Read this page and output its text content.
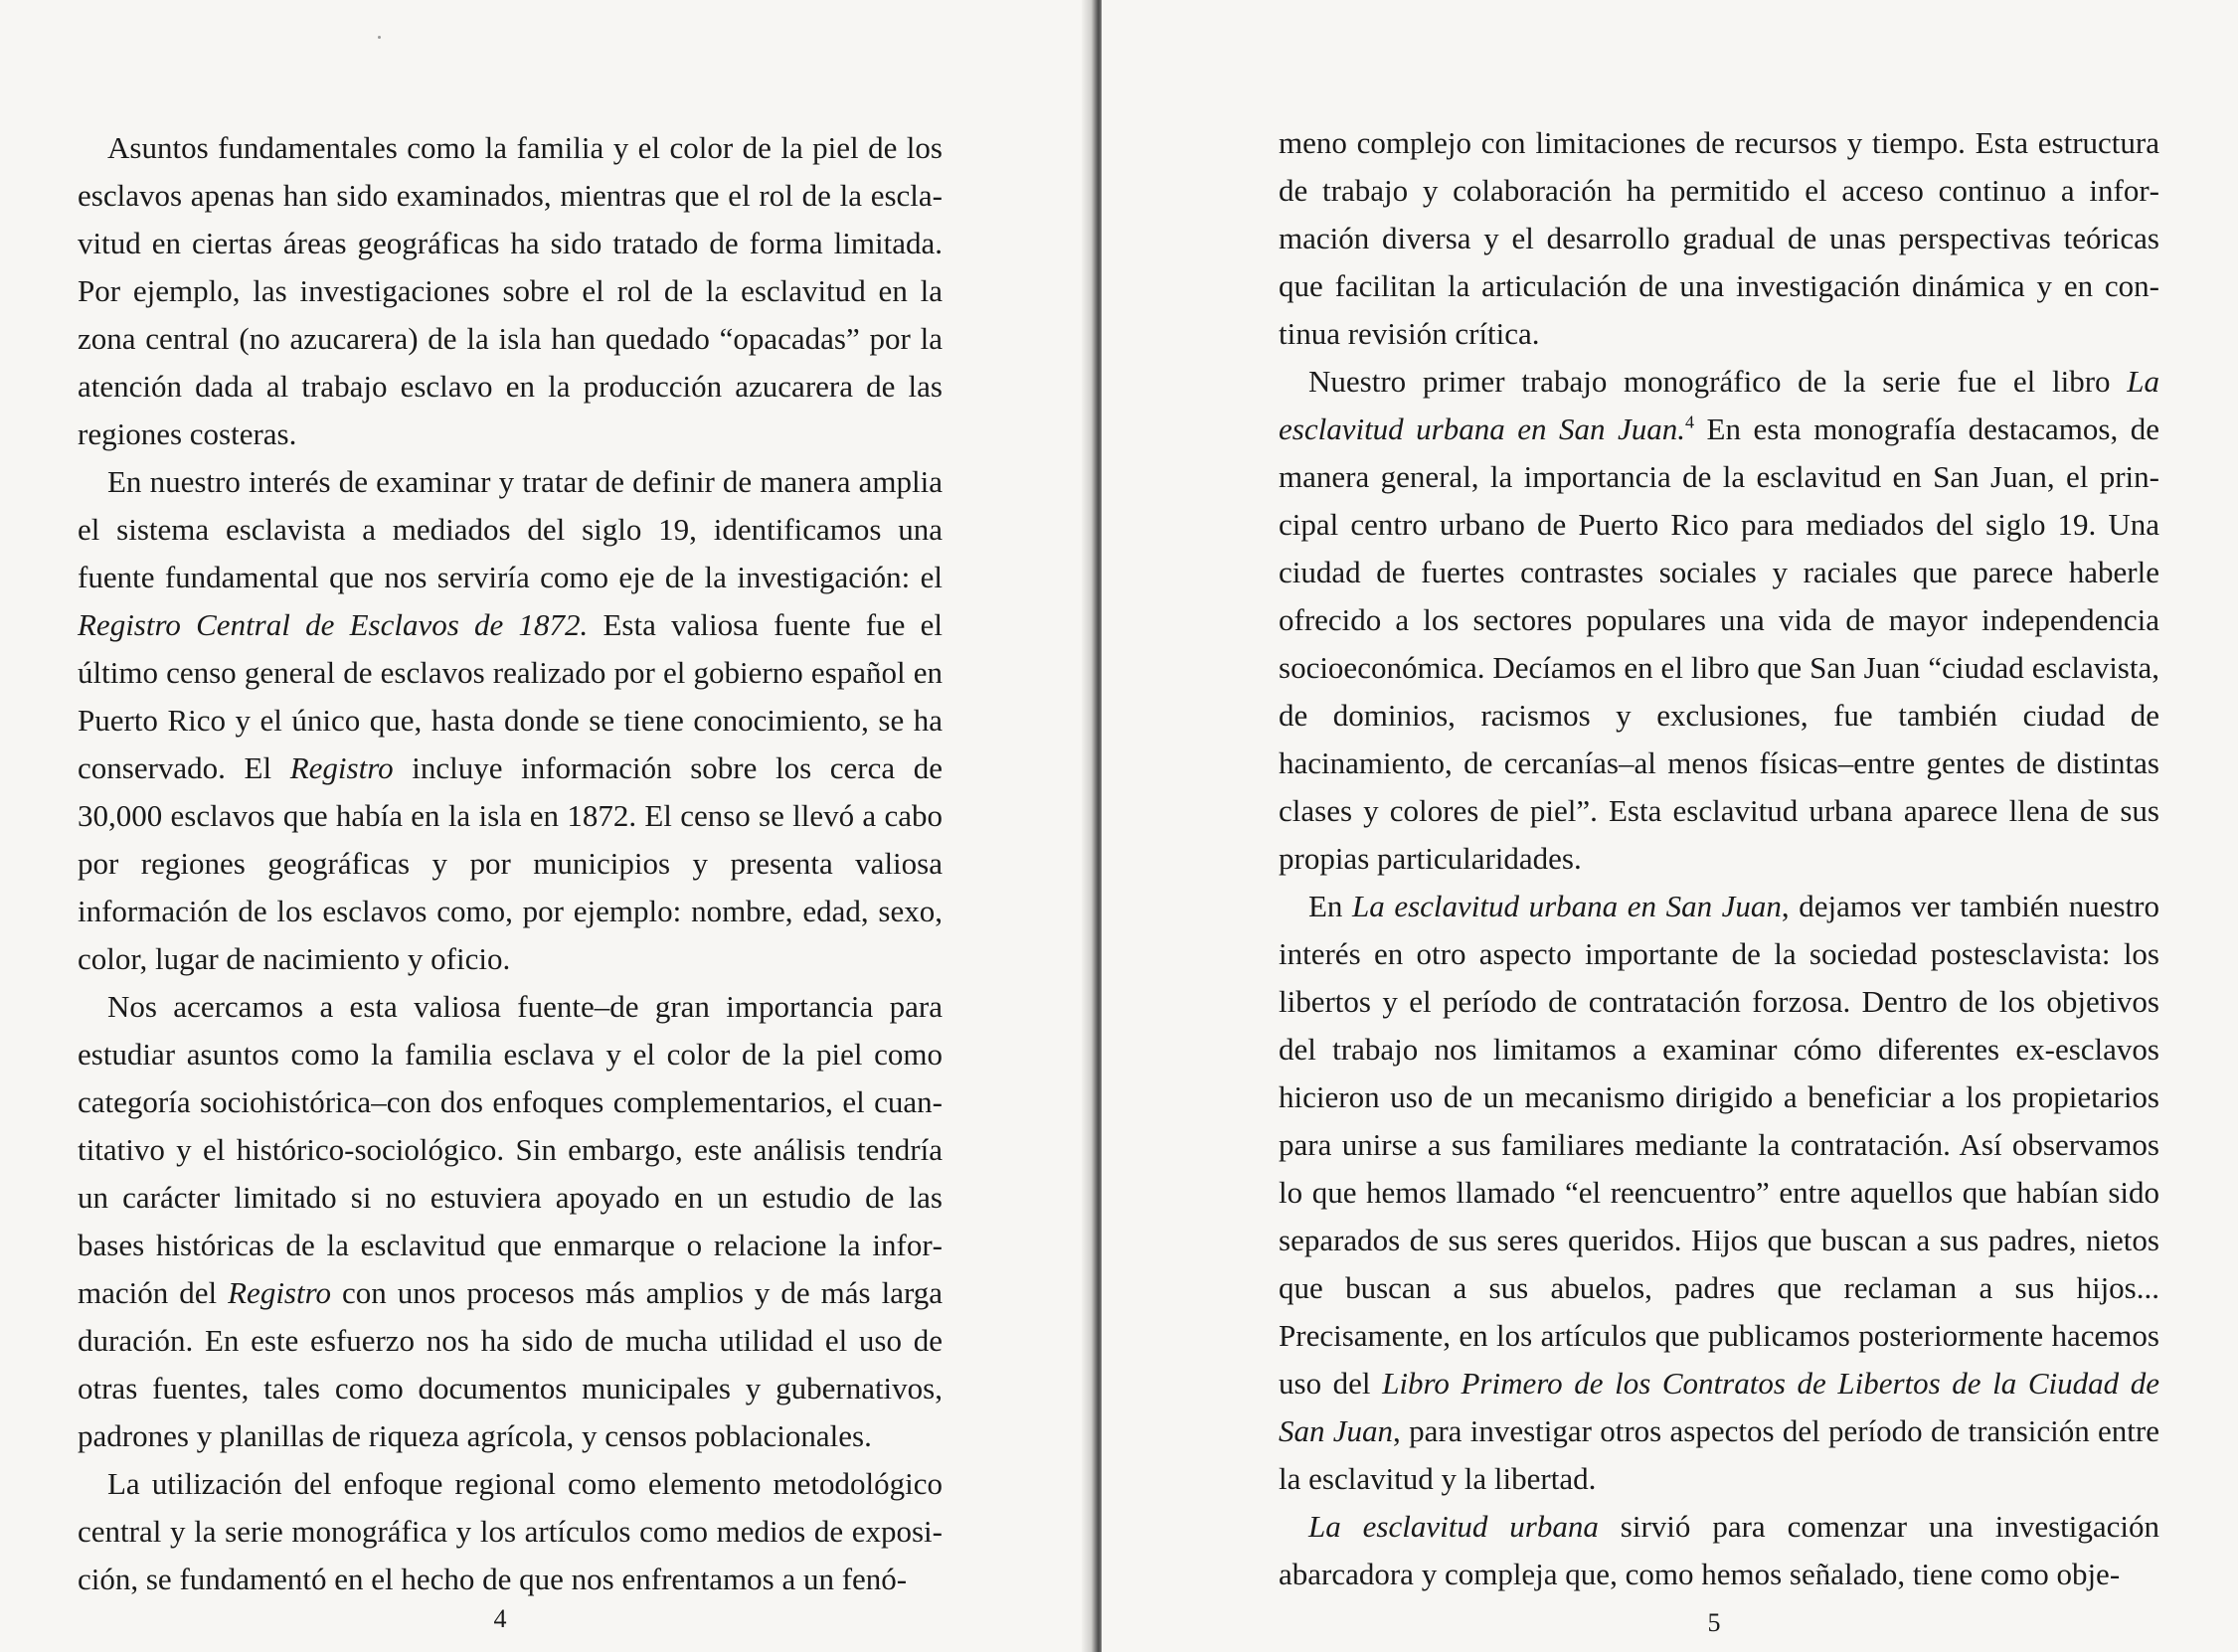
Asuntos fundamentales como la familia y el color de la piel de los esclavos apenas han sido examinados, mientras que el rol de la esclavitud en ciertas áreas geográficas ha sido tratado de forma limitada. Por ejemplo, las investigaciones sobre el rol de la esclavitud en la zona central (no azucarera) de la isla han quedado “opacadas” por la atención dada al trabajo esclavo en la producción azucarera de las regiones costeras.

En nuestro interés de examinar y tratar de definir de manera amplia el sistema esclavista a mediados del siglo 19, identificamos una fuente fundamental que nos serviría como eje de la investigación: el Registro Central de Esclavos de 1872. Esta valiosa fuente fue el último censo general de esclavos realizado por el gobierno español en Puerto Rico y el único que, hasta donde se tiene conocimiento, se ha conservado. El Registro incluye información sobre los cerca de 30,000 esclavos que había en la isla en 1872. El censo se llevó a cabo por regiones geográficas y por municipios y presenta valiosa información de los esclavos como, por ejemplo: nombre, edad, sexo, color, lugar de nacimiento y oficio.

Nos acercamos a esta valiosa fuente–de gran importancia para estudiar asuntos como la familia esclava y el color de la piel como categoría sociohistórica–con dos enfoques complementarios, el cuantitativo y el histórico-sociológico. Sin embargo, este análisis tendría un carácter limitado si no estuviera apoyado en un estudio de las bases históricas de la esclavitud que enmarque o relacione la información del Registro con unos procesos más amplios y de más larga duración. En este esfuerzo nos ha sido de mucha utilidad el uso de otras fuentes, tales como documentos municipales y gubernativos, padrones y planillas de riqueza agrícola, y censos poblacionales.

La utilización del enfoque regional como elemento metodológico central y la serie monográfica y los artículos como medios de exposición, se fundamentó en el hecho de que nos enfrentamos a un fenó-

4

meno complejo con limitaciones de recursos y tiempo. Esta estructura de trabajo y colaboración ha permitido el acceso continuo a información diversa y el desarrollo gradual de unas perspectivas teóricas que facilitan la articulación de una investigación dinámica y en continua revisión crítica.

Nuestro primer trabajo monográfico de la serie fue el libro La esclavitud urbana en San Juan.$^4$ En esta monografía destacamos, de manera general, la importancia de la esclavitud en San Juan, el principal centro urbano de Puerto Rico para mediados del siglo 19. Una ciudad de fuertes contrastes sociales y raciales que parece haberle ofrecido a los sectores populares una vida de mayor independencia socioeconómica. Decíamos en el libro que San Juan “ciudad esclavista, de dominios, racismos y exclusiones, fue también ciudad de hacinamiento, de cercanías–al menos físicas–entre gentes de distintas clases y colores de piel”. Esta esclavitud urbana aparece llena de sus propias particularidades.

En La esclavitud urbana en San Juan, dejamos ver también nuestro interés en otro aspecto importante de la sociedad postesclavista: los libertos y el período de contratación forzosa. Dentro de los objetivos del trabajo nos limitamos a examinar cómo diferentes ex-esclavos hicieron uso de un mecanismo dirigido a beneficiar a los propietarios para unirse a sus familiares mediante la contratación. Así observamos lo que hemos llamado “el reencuentro” entre aquellos que habían sido separados de sus seres queridos. Hijos que buscan a sus padres, nietos que buscan a sus abuelos, padres que reclaman a sus hijos... Precisamente, en los artículos que publicamos posteriormente hacemos uso del Libro Primero de los Contratos de Libertos de la Ciudad de San Juan, para investigar otros aspectos del período de transición entre la esclavitud y la libertad.

La esclavitud urbana sirvió para comenzar una investigación abarcadora y compleja que, como hemos señalado, tiene como obje-

5
